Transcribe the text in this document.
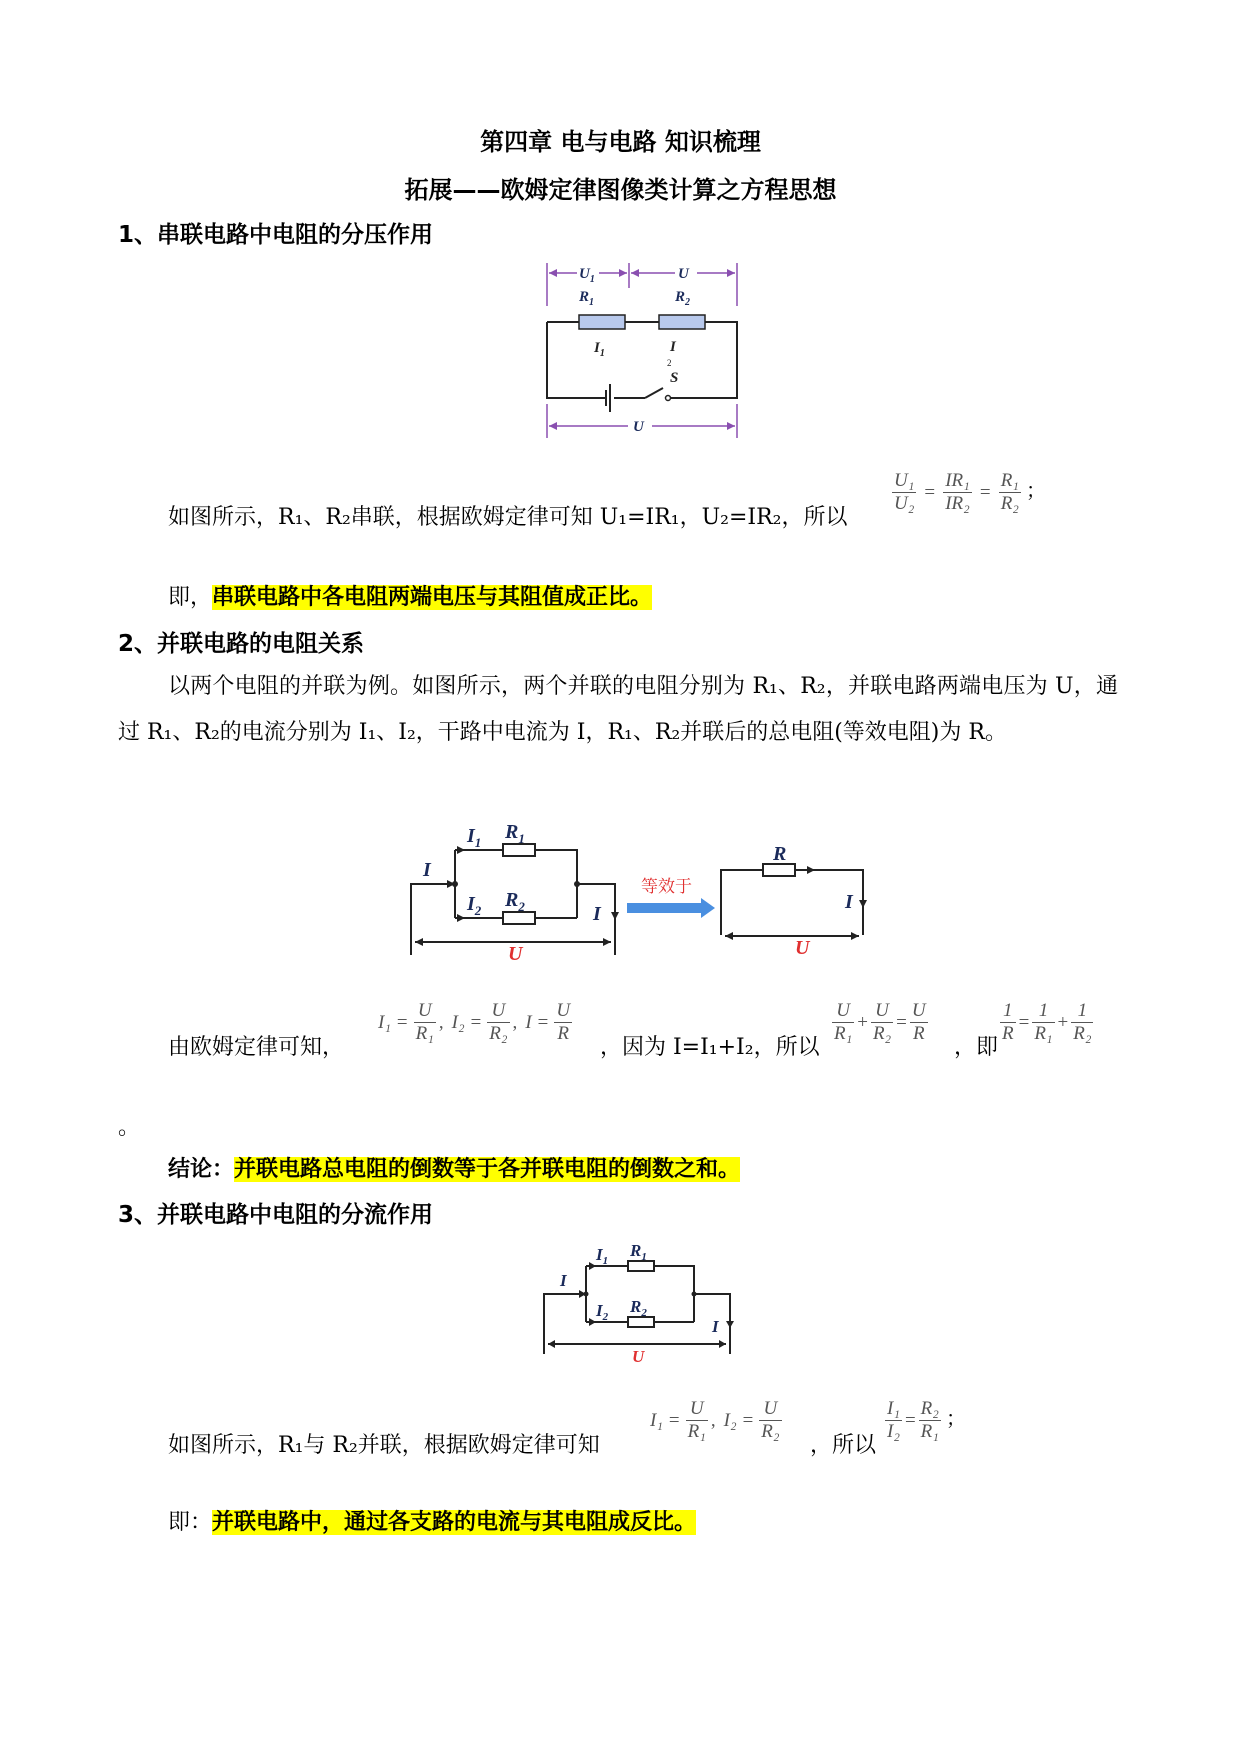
第四章 电与电路 知识梳理
拓展——欧姆定律图像类计算之方程思想
1、串联电路中电阻的分压作用
$U_1$	U
$R_1$	$R_2$
$I_1$	I
2
S
U
如图所示，R₁、R₂串联，根据欧姆定律可知 U₁=IR₁，U₂=IR₂，所以
$\frac{\text{U₁}}{\text{U₂}} = \frac{\text{IR₁}}{\text{IR₂}} = \frac{\text{R₁}}{\text{R₂}}$ ；
即，串联电路中各电阻两端电压与其阻值成正比。
2、并联电路的电阻关系
以两个电阻的并联为例。如图所示，两个并联的电阻分别为 R₁、R₂，并联电路两端电压为 U，通过 R₁、R₂的电流分别为 I₁、I₂，干路中电流为 I，R₁、R₂并联后的总电阻(等效电阻)为 R。
I
$I_1$ $R_1$
$I_2$ $R_2$	I
U
等效于
R
I
U
由欧姆定律可知，
$I_1 = \frac{U}{\text{R₁}}$ , $I_2 = \frac{U}{\text{R₂}}$ , $I = \frac{U}{R}$
，因为 I=I₁+I₂，所以
$\frac{U}{\text{R₁}} + \frac{U}{\text{R₂}} = \frac{U}{R}$
，即
$\frac{1}{R} = \frac{1}{\text{R₁}} + \frac{1}{\text{R₂}}$
。
结论：并联电路总电阻的倒数等于各并联电阻的倒数之和。
3、并联电路中电阻的分流作用
I
$I_1$
$R_1$
$I_2$
$R_2$
I
U
如图所示，R₁与 R₂并联，根据欧姆定律可知
$I_1 = \frac{U}{\text{R₁}}$ , $I_2 = \frac{U}{\text{R₂}}$
，所以
$\frac{\text{I₁}}{\text{I₂}} = \frac{\text{R₂}}{\text{R₁}}$ ；
即：并联电路中，通过各支路的电流与其电阻成反比。
